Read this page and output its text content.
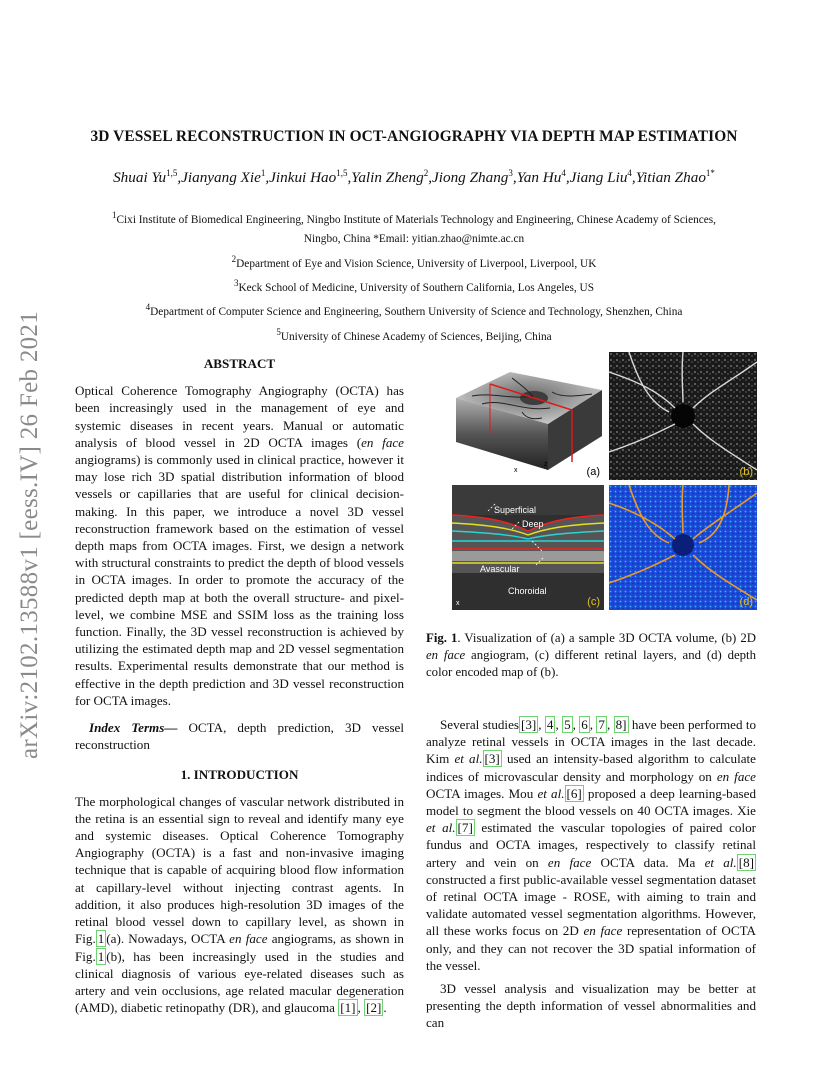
arXiv:2102.13588v1 [eess.IV] 26 Feb 2021
3D VESSEL RECONSTRUCTION IN OCT-ANGIOGRAPHY VIA DEPTH MAP ESTIMATION
Shuai Yu$^{1,5}$,Jianyang Xie$^1$,Jinkui Hao$^{1,5}$,Yalin Zheng$^2$,Jiong Zhang$^3$,Yan Hu$^4$,Jiang Liu$^4$,Yitian Zhao$^{1*}$
$^1$Cixi Institute of Biomedical Engineering, Ningbo Institute of Materials Technology and Engineering, Chinese Academy of Sciences,
Ningbo, China *Email: yitian.zhao@nimte.ac.cn
$^2$Department of Eye and Vision Science, University of Liverpool, Liverpool, UK
$^3$Keck School of Medicine, University of Southern California, Los Angeles, US
$^4$Department of Computer Science and Engineering, Southern University of Science and Technology, Shenzhen, China
$^5$University of Chinese Academy of Sciences, Beijing, China
ABSTRACT

Optical Coherence Tomography Angiography (OCTA) has been increasingly used in the management of eye and systemic diseases in recent years. Manual or automatic analysis of blood vessel in 2D OCTA images (en face angiograms) is commonly used in clinical practice, however it may lose rich 3D spatial distribution information of blood vessels or capillaries that are useful for clinical decision-making. In this paper, we introduce a novel 3D vessel reconstruction framework based on the estimation of vessel depth maps from OCTA images. First, we design a network with structural constraints to predict the depth of blood vessels in OCTA images. In order to promote the accuracy of the predicted depth map at both the overall structure- and pixel- level, we combine MSE and SSIM loss as the training loss function. Finally, the 3D vessel reconstruction is achieved by utilizing the estimated depth map and 2D vessel segmentation results. Experimental results demonstrate that our method is effective in the depth prediction and 3D vessel reconstruction for OCTA images.

Index Terms— OCTA, depth prediction, 3D vessel reconstruction

1. INTRODUCTION

The morphological changes of vascular network distributed in the retina is an essential sign to reveal and identify many eye and systemic diseases. Optical Coherence Tomography Angiography (OCTA) is a fast and non-invasive imaging technique that is capable of acquiring blood flow information at capillary-level without injecting contrast agents. In addition, it also produces high-resolution 3D images of the retinal blood vessel down to capillary level, as shown in Fig. 1 (a). Nowadays, OCTA en face angiograms, as shown in Fig. 1 (b), has been increasingly used in the studies and clinical diagnosis of various eye-related diseases such as artery and vein occlusions, age related macular degeneration (AMD), diabetic retinopathy (DR), and glaucoma [1] , [2] .

x
z
(a)	(b)
x
Superficial
Deep
Avascular
Choroidal
(c)	(d)
Fig. 1. Visualization of (a) a sample 3D OCTA volume, (b) 2D en face angiogram, (c) different retinal layers, and (d) depth color encoded map of (b).

Several studies [3] , 4 , 5 , 6 , 7 , 8] have been performed to analyze retinal vessels in OCTA images in the last decade. Kim et al. [3] used an intensity-based algorithm to calculate indices of microvascular density and morphology on en face OCTA images. Mou et al. [6] proposed a deep learning-based model to segment the blood vessels on 40 OCTA images. Xie et al. [7] estimated the vascular topologies of paired color fundus and OCTA images, respectively to classify retinal artery and vein on en face OCTA data. Ma et al. [8] constructed a first public-available vessel segmentation dataset of retinal OCTA image - ROSE, with aiming to train and validate automated vessel segmentation algorithms. However, all these works focus on 2D en face representation of OCTA only, and they can not recover the 3D spatial information of the vessel.

3D vessel analysis and visualization may be better at presenting the depth information of vessel abnormalities and can
